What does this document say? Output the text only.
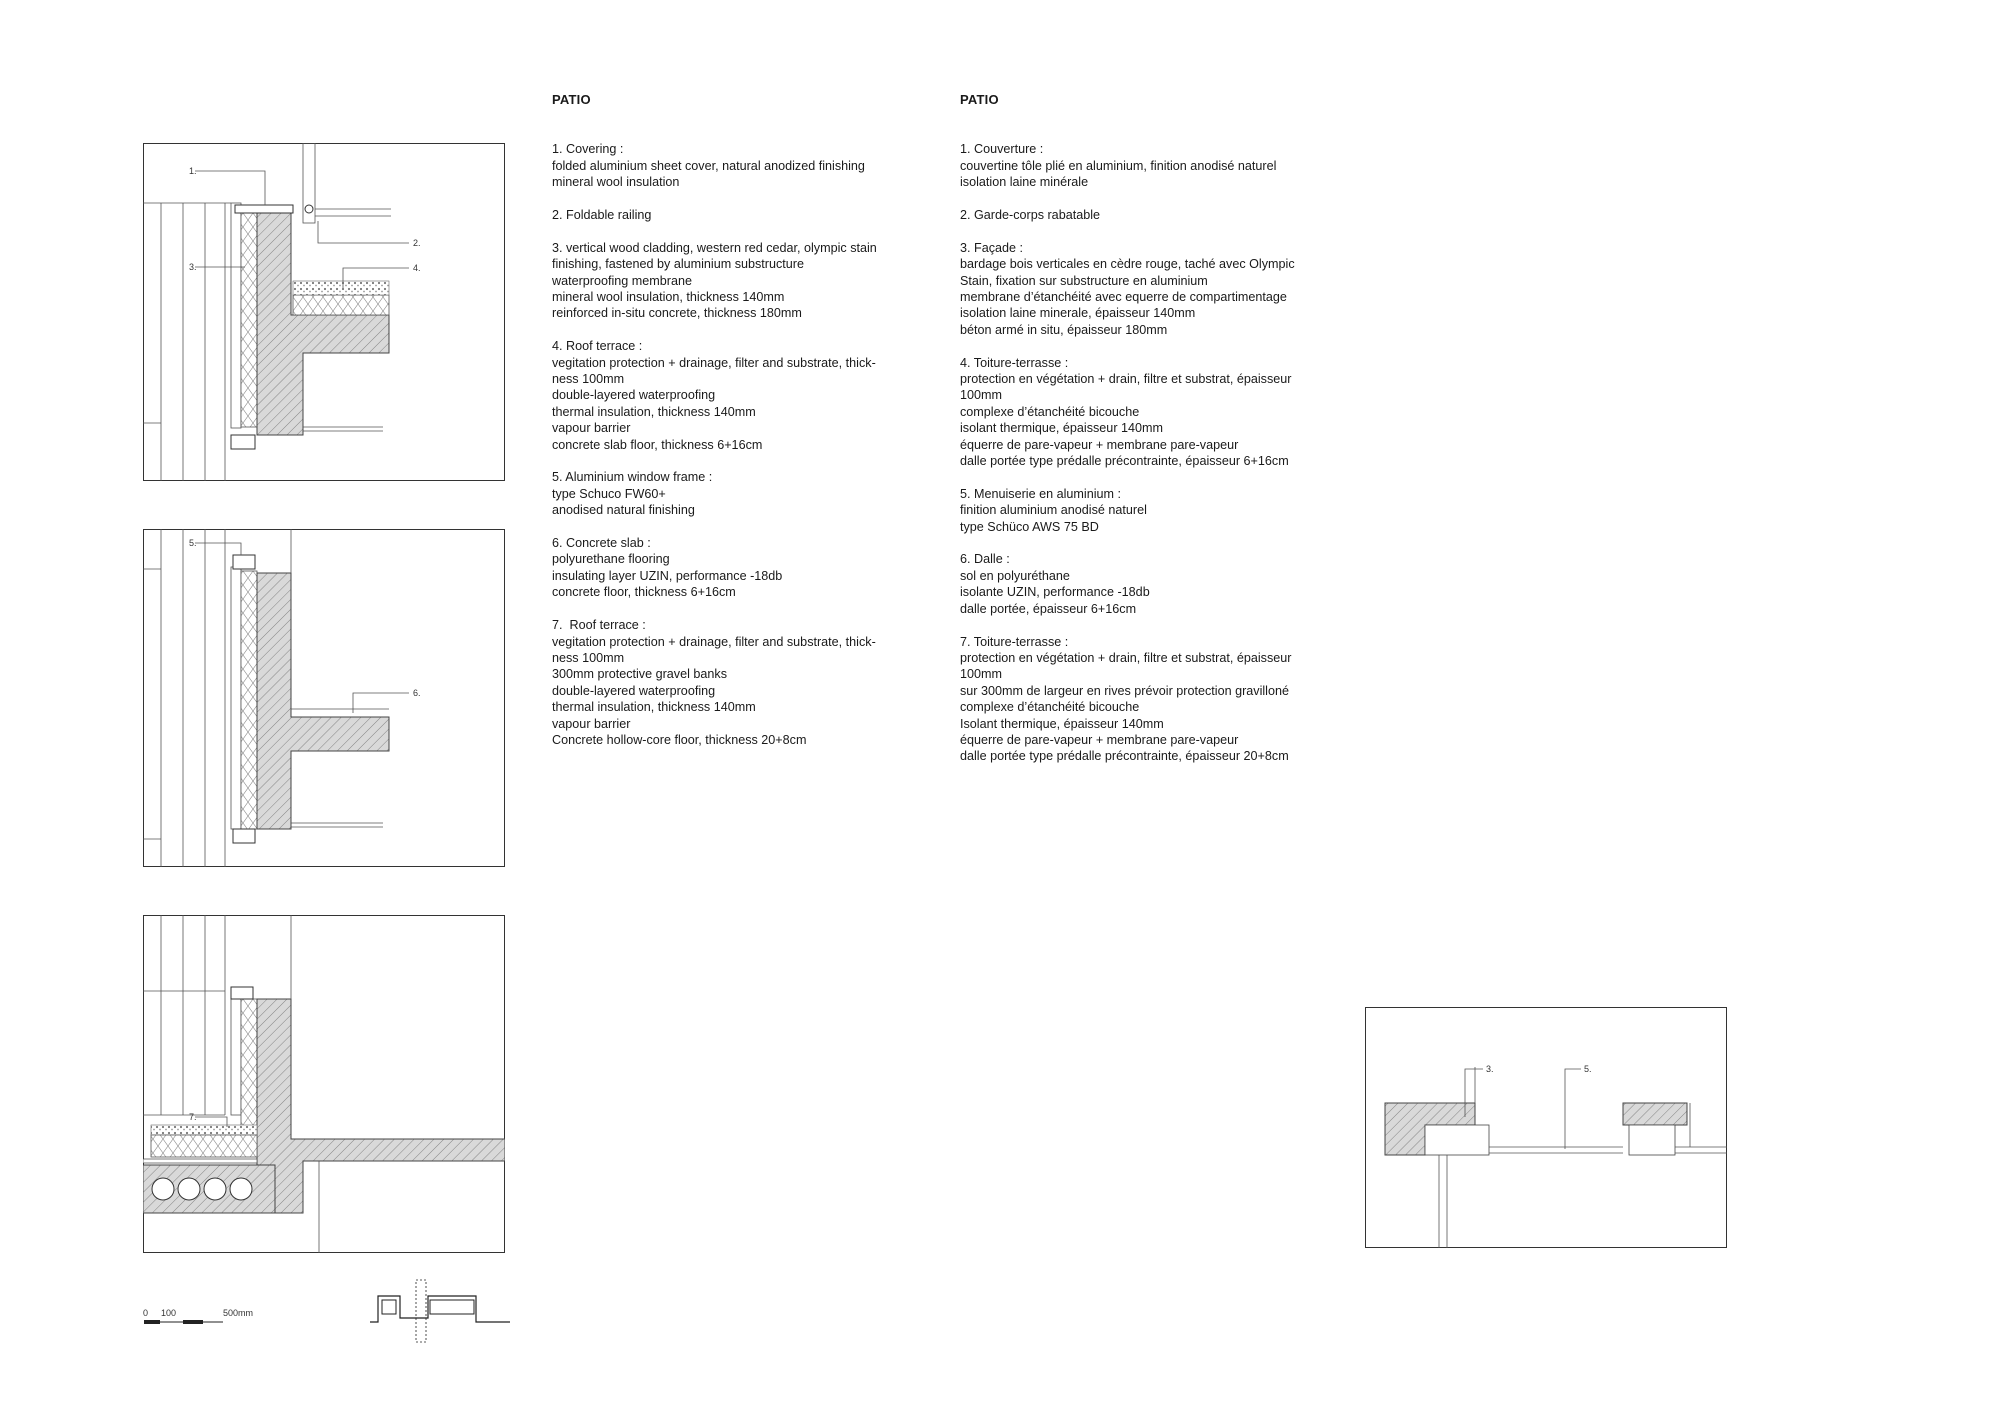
PATIO
1. Covering :
folded aluminium sheet cover, natural anodized finishing
mineral wool insulation
2. Foldable railing
3. vertical wood cladding, western red cedar, olympic stain
finishing, fastened by aluminium substructure
waterproofing membrane
mineral wool insulation, thickness 140mm
reinforced in-situ concrete, thickness 180mm
4. Roof terrace :
vegitation protection + drainage, filter and substrate, thick-
ness 100mm
double-layered waterproofing
thermal insulation, thickness 140mm
vapour barrier
concrete slab floor, thickness 6+16cm
5. Aluminium window frame :
type Schuco FW60+
anodised natural finishing
6. Concrete slab :
polyurethane flooring
insulating layer UZIN, performance -18db
concrete floor, thickness 6+16cm
7.  Roof terrace :
vegitation protection + drainage, filter and substrate, thick-
ness 100mm
300mm protective gravel banks
double-layered waterproofing
thermal insulation, thickness 140mm
vapour barrier
Concrete hollow-core floor, thickness 20+8cm
PATIO
1. Couverture :
couvertine tôle plié en aluminium, finition anodisé naturel
isolation laine minérale
2. Garde-corps rabatable
3. Façade :
bardage bois verticales en cèdre rouge, taché avec Olympic
Stain, fixation sur substructure en aluminium
membrane d’étanchéité avec equerre de compartimentage
isolation laine minerale, épaisseur 140mm
béton armé in situ, épaisseur 180mm
4. Toiture-terrasse :
protection en végétation + drain, filtre et substrat, épaisseur
100mm
complexe d’étanchéité bicouche
isolant thermique, épaisseur 140mm
équerre de pare-vapeur + membrane pare-vapeur
dalle portée type prédalle précontrainte, épaisseur 6+16cm
5. Menuiserie en aluminium :
finition aluminium anodisé naturel
type Schüco AWS 75 BD
6. Dalle :
sol en polyuréthane
isolante UZIN, performance -18db
dalle portée, épaisseur 6+16cm
7. Toiture-terrasse :
protection en végétation + drain, filtre et substrat, épaisseur
100mm
sur 300mm de largeur en rives prévoir protection gravilloné
complexe d’étanchéité bicouche
Isolant thermique, épaisseur 140mm
équerre de pare-vapeur + membrane pare-vapeur
dalle portée type prédalle précontrainte, épaisseur 20+8cm
1.
2.
3.	4.
5.
6.
7.
0 100	500mm
3.	5.
